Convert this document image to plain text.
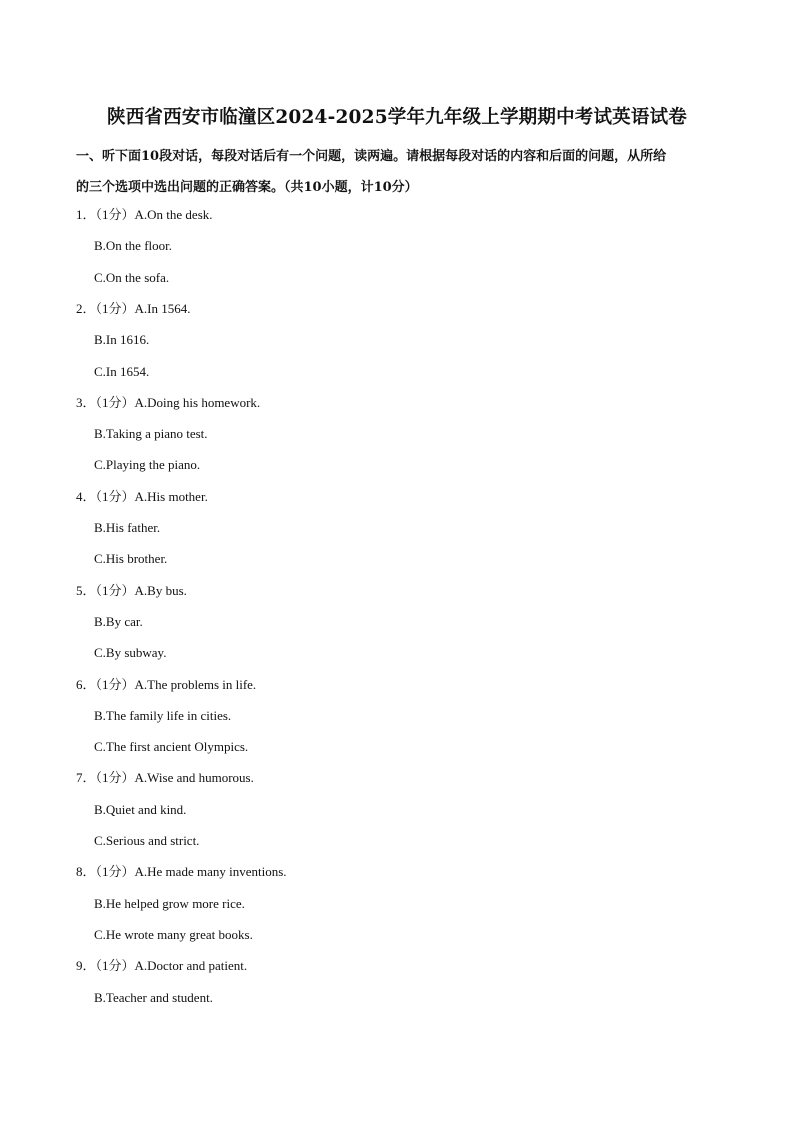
陕西省西安市临潼区2024-2025学年九年级上学期期中考试英语试卷
一、听下面10段对话，每段对话后有一个问题，读两遍。请根据每段对话的内容和后面的问题，从所给
的三个选项中选出问题的正确答案。（共10小题，计10分）
1．（1分）A.On the desk.
B.On the floor.
C.On the sofa.
2．（1分）A.In 1564.
B.In 1616.
C.In 1654.
3．（1分）A.Doing his homework.
B.Taking a piano test.
C.Playing the piano.
4．（1分）A.His mother.
B.His father.
C.His brother.
5．（1分）A.By bus.
B.By car.
C.By subway.
6．（1分）A.The problems in life.
B.The family life in cities.
C.The first ancient Olympics.
7．（1分）A.Wise and humorous.
B.Quiet and kind.
C.Serious and strict.
8．（1分）A.He made many inventions.
B.He helped grow more rice.
C.He wrote many great books.
9．（1分）A.Doctor and patient.
B.Teacher and student.
